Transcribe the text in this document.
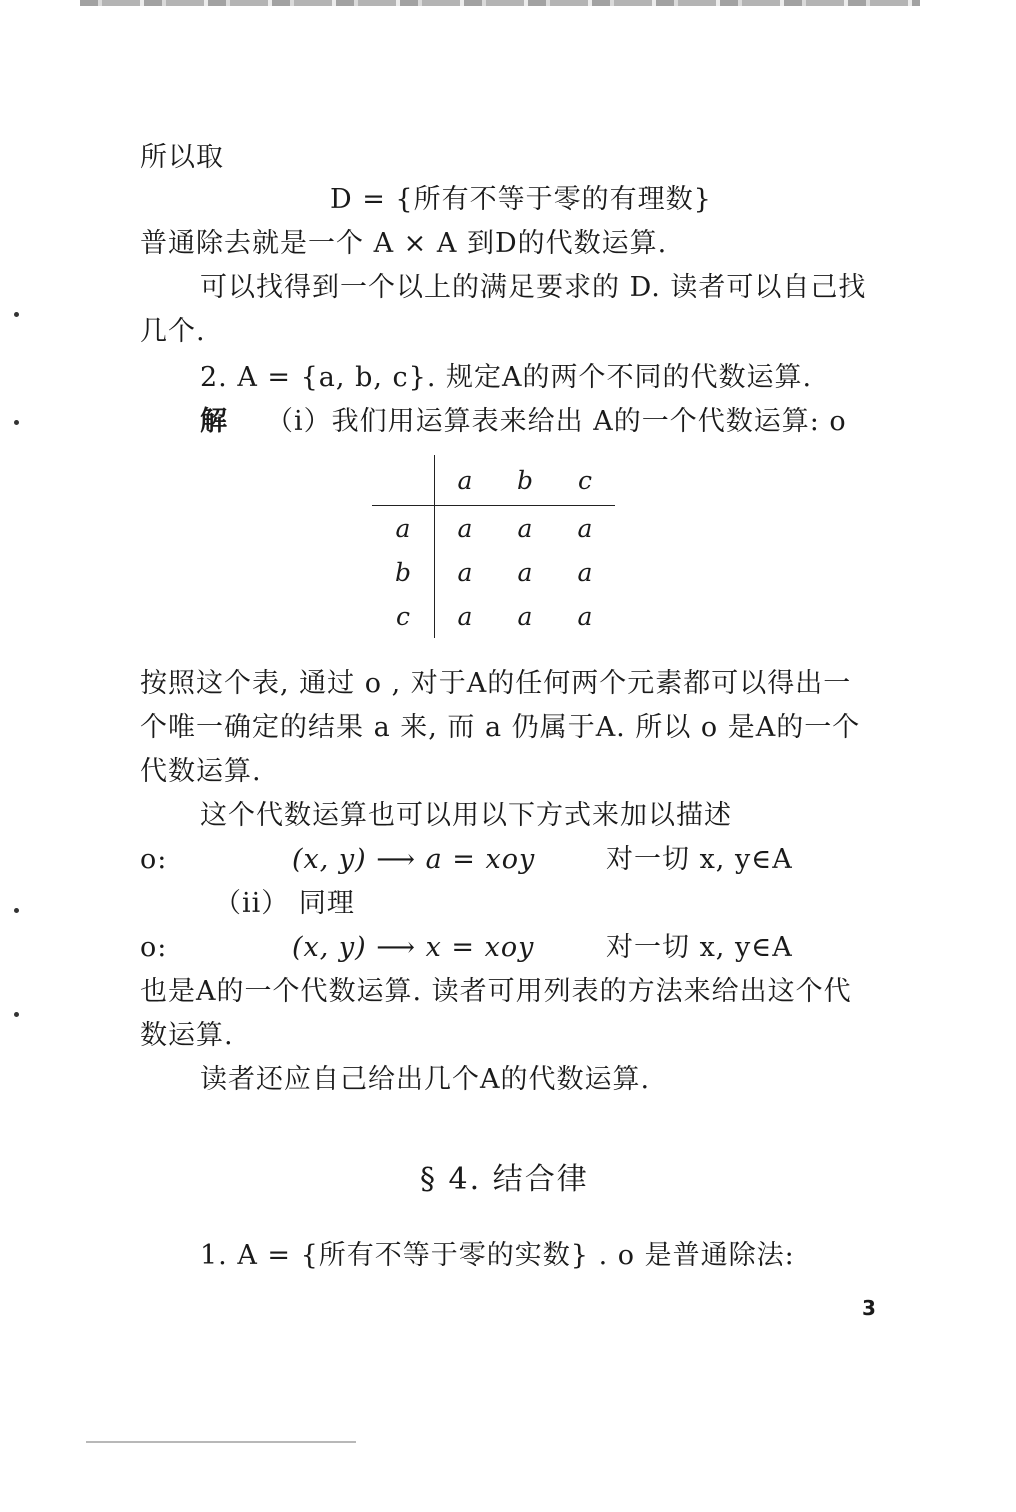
所以取
D = {所有不等于零的有理数}
普通除去就是一个 A × A 到D的代数运算.
可以找得到一个以上的满足要求的 D. 读者可以自己找
几个.
2. A = {a, b, c}. 规定A的两个不同的代数运算.
解 （i）我们用运算表来给出 A的一个代数运算: o
	a	b	c
a	a	a	a
b	a	a	a
c	a	a	a
按照这个表, 通过 o , 对于A的任何两个元素都可以得出一
个唯一确定的结果 a 来, 而 a 仍属于A. 所以 o 是A的一个
代数运算.
这个代数运算也可以用以下方式来加以描述
o:	(x, y) ⟶ a = xoy	对一切 x, y∈A
（ii） 同理
o:	(x, y) ⟶ x = xoy	对一切 x, y∈A
也是A的一个代数运算. 读者可用列表的方法来给出这个代
数运算.
读者还应自己给出几个A的代数运算.
§ 4. 结合律
1. A = {所有不等于零的实数} . o 是普通除法:
3
